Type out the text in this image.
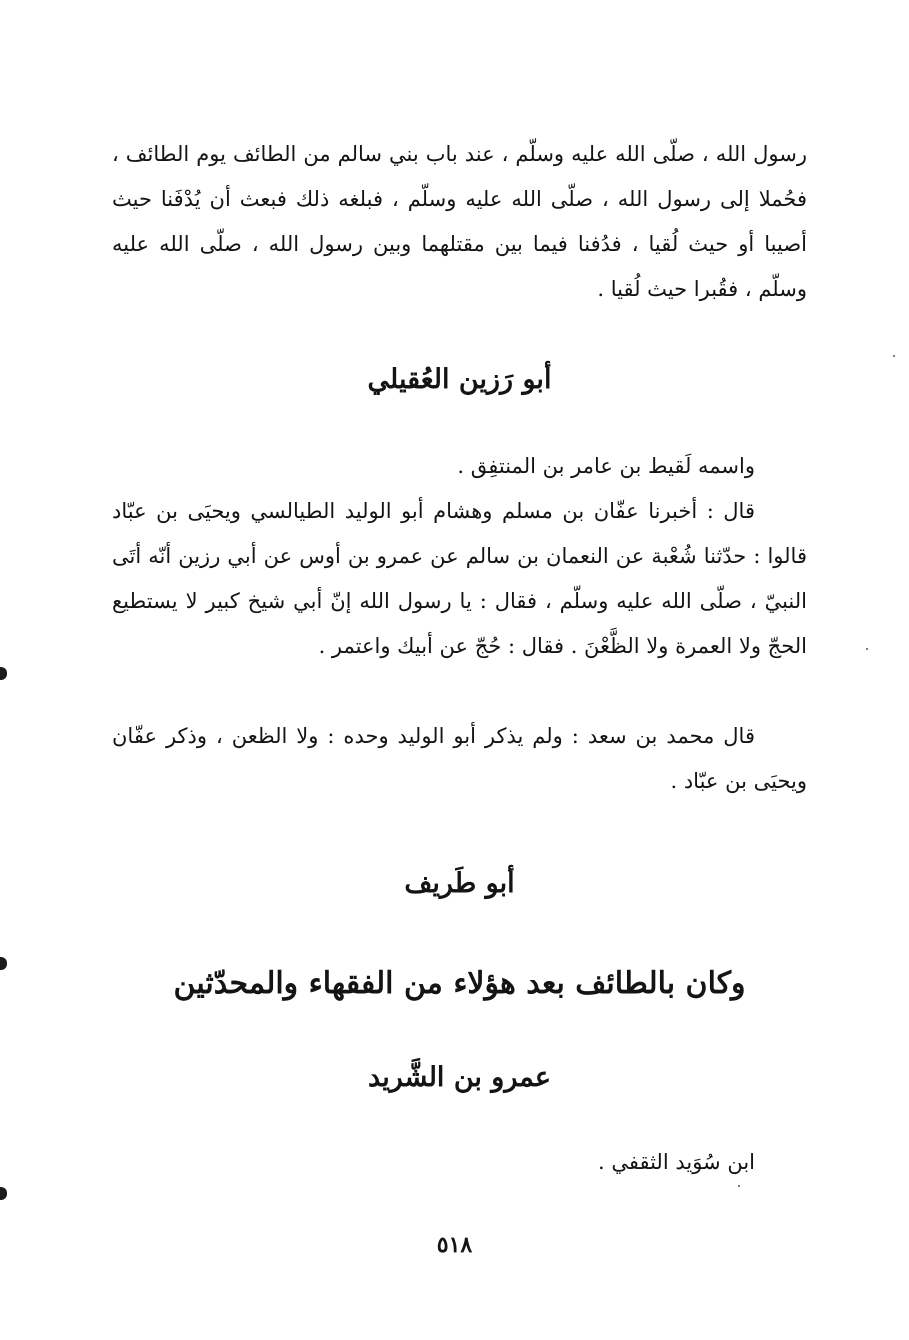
رسول الله ، صلّى الله عليه وسلّم ، عند باب بني سالم من الطائف يوم الطائف ، فحُملا إلى رسول الله ، صلّى الله عليه وسلّم ، فبلغه ذلك فبعث أن يُدْفَنا حيث أصيبا أو حيث لُقيا ، فدُفنا فيما بين مقتلهما وبين رسول الله ، صلّى الله عليه وسلّم ، فقُبرا حيث لُقيا .

أبو رَزين العُقيلي

واسمه لَقيط بن عامر بن المنتفِق .

قال : أخبرنا عفّان بن مسلم وهشام أبو الوليد الطيالسي ويحيَى بن عبّاد قالوا : حدّثنا شُعْبة عن النعمان بن سالم عن عمرو بن أوس عن أبي رزين أنّه أتَى النبيّ ، صلّى الله عليه وسلّم ، فقال : يا رسول الله إنّ أبي شيخ كبير لا يستطيع الحجّ ولا العمرة ولا الظَّعْنَ . فقال : حُجّ عن أبيك واعتمر .

قال محمد بن سعد : ولم يذكر أبو الوليد وحده : ولا الظعن ، وذكر عفّان ويحيَى بن عبّاد .

أبو طَريف
وكان بالطائف بعد هؤلاء من الفقهاء والمحدّثين
عمرو بن الشَّريد

ابن سُوَيد الثقفي .

٥١٨
